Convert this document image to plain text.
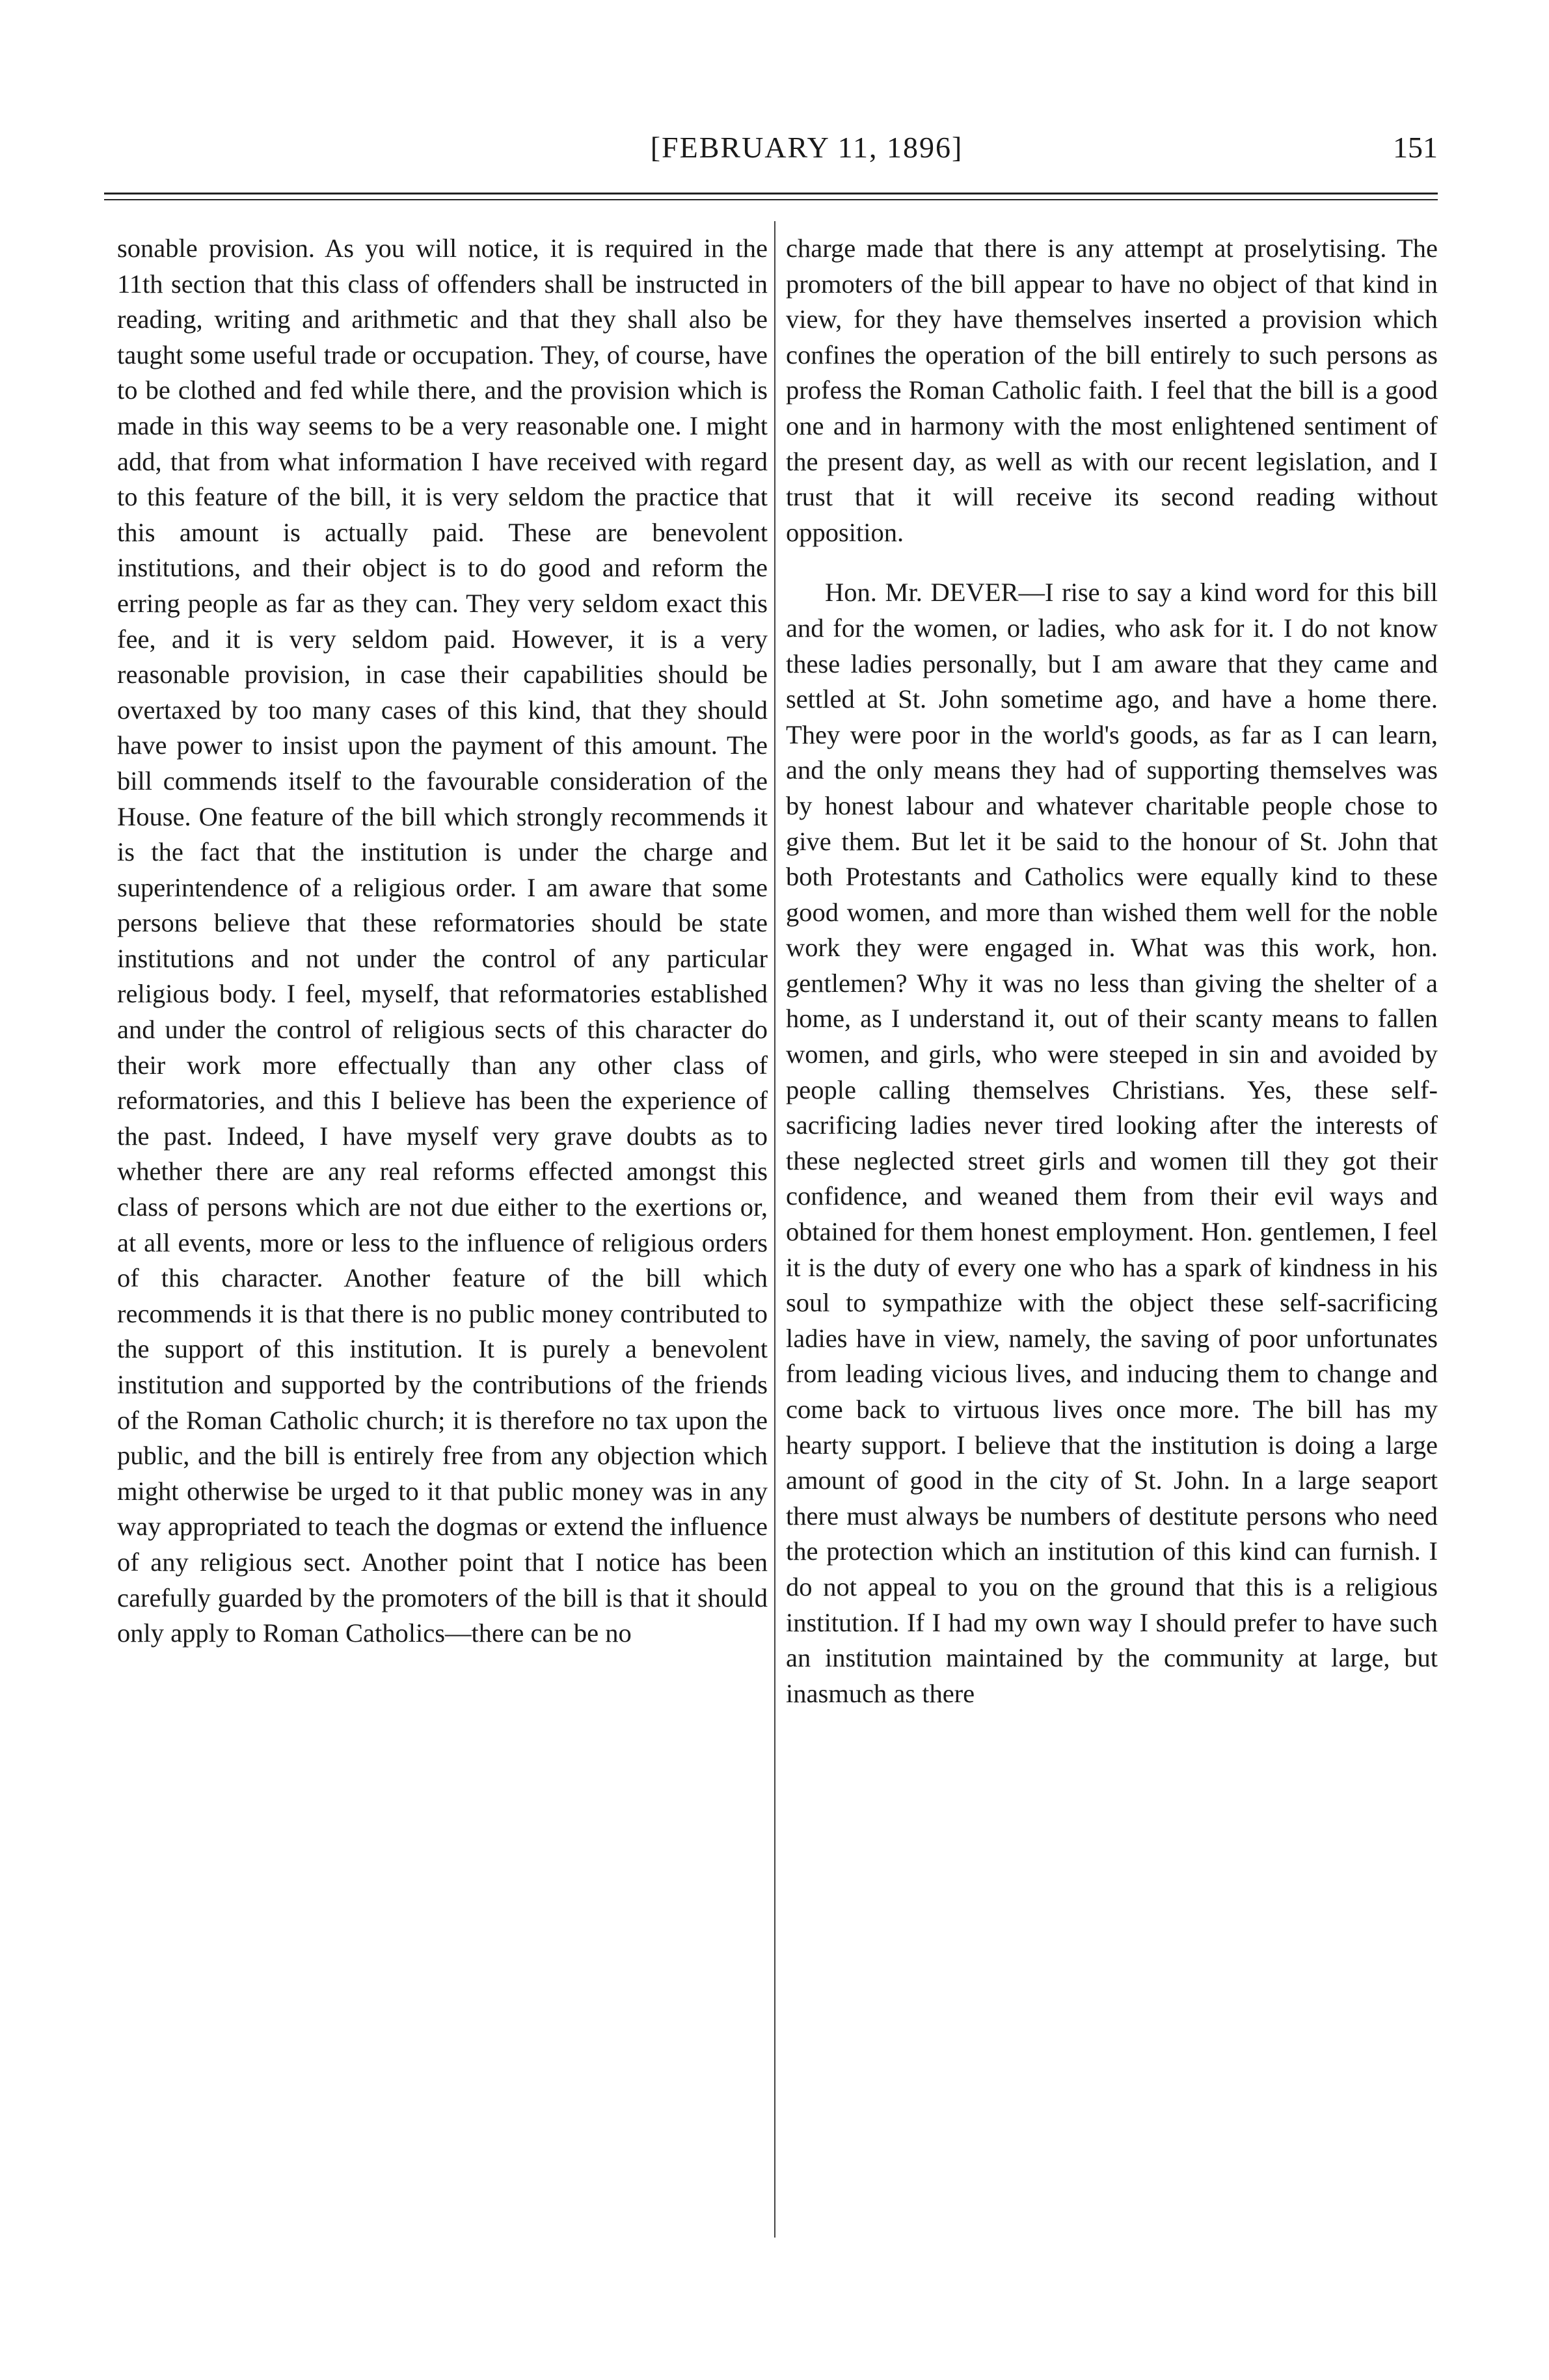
[FEBRUARY 11, 1896]	151

sonable provision. As you will notice, it is required in the 11th section that this class of offenders shall be instructed in reading, writing and arithmetic and that they shall also be taught some useful trade or occupation. They, of course, have to be clothed and fed while there, and the provision which is made in this way seems to be a very reasonable one. I might add, that from what information I have received with regard to this feature of the bill, it is very seldom the practice that this amount is actually paid. These are benevolent institutions, and their object is to do good and reform the erring people as far as they can. They very seldom exact this fee, and it is very seldom paid. However, it is a very reasonable provision, in case their capabilities should be overtaxed by too many cases of this kind, that they should have power to insist upon the payment of this amount. The bill commends itself to the favourable consideration of the House. One feature of the bill which strongly recommends it is the fact that the institution is under the charge and superintendence of a religious order. I am aware that some persons believe that these reformatories should be state institutions and not under the control of any particular religious body. I feel, myself, that reformatories established and under the control of religious sects of this character do their work more effectually than any other class of reformatories, and this I believe has been the experience of the past. Indeed, I have myself very grave doubts as to whether there are any real reforms effected amongst this class of persons which are not due either to the exertions or, at all events, more or less to the influence of religious orders of this character. Another feature of the bill which recommends it is that there is no public money contributed to the support of this institution. It is purely a benevolent institution and supported by the contributions of the friends of the Roman Catholic church; it is therefore no tax upon the public, and the bill is entirely free from any objection which might otherwise be urged to it that public money was in any way appropriated to teach the dogmas or extend the influence of any religious sect. Another point that I notice has been carefully guarded by the promoters of the bill is that it should only apply to Roman Catholics—there can be no

charge made that there is any attempt at proselytising. The promoters of the bill appear to have no object of that kind in view, for they have themselves inserted a provision which confines the operation of the bill entirely to such persons as profess the Roman Catholic faith. I feel that the bill is a good one and in harmony with the most enlightened sentiment of the present day, as well as with our recent legislation, and I trust that it will receive its second reading without opposition.

Hon. Mr. DEVER—I rise to say a kind word for this bill and for the women, or ladies, who ask for it. I do not know these ladies personally, but I am aware that they came and settled at St. John sometime ago, and have a home there. They were poor in the world's goods, as far as I can learn, and the only means they had of supporting themselves was by honest labour and whatever charitable people chose to give them. But let it be said to the honour of St. John that both Protestants and Catholics were equally kind to these good women, and more than wished them well for the noble work they were engaged in. What was this work, hon. gentlemen? Why it was no less than giving the shelter of a home, as I understand it, out of their scanty means to fallen women, and girls, who were steeped in sin and avoided by people calling themselves Christians. Yes, these self-sacrificing ladies never tired looking after the interests of these neglected street girls and women till they got their confidence, and weaned them from their evil ways and obtained for them honest employment. Hon. gentlemen, I feel it is the duty of every one who has a spark of kindness in his soul to sympathize with the object these self-sacrificing ladies have in view, namely, the saving of poor unfortunates from leading vicious lives, and inducing them to change and come back to virtuous lives once more. The bill has my hearty support. I believe that the institution is doing a large amount of good in the city of St. John. In a large seaport there must always be numbers of destitute persons who need the protection which an institution of this kind can furnish. I do not appeal to you on the ground that this is a religious institution. If I had my own way I should prefer to have such an institution maintained by the community at large, but inasmuch as there
